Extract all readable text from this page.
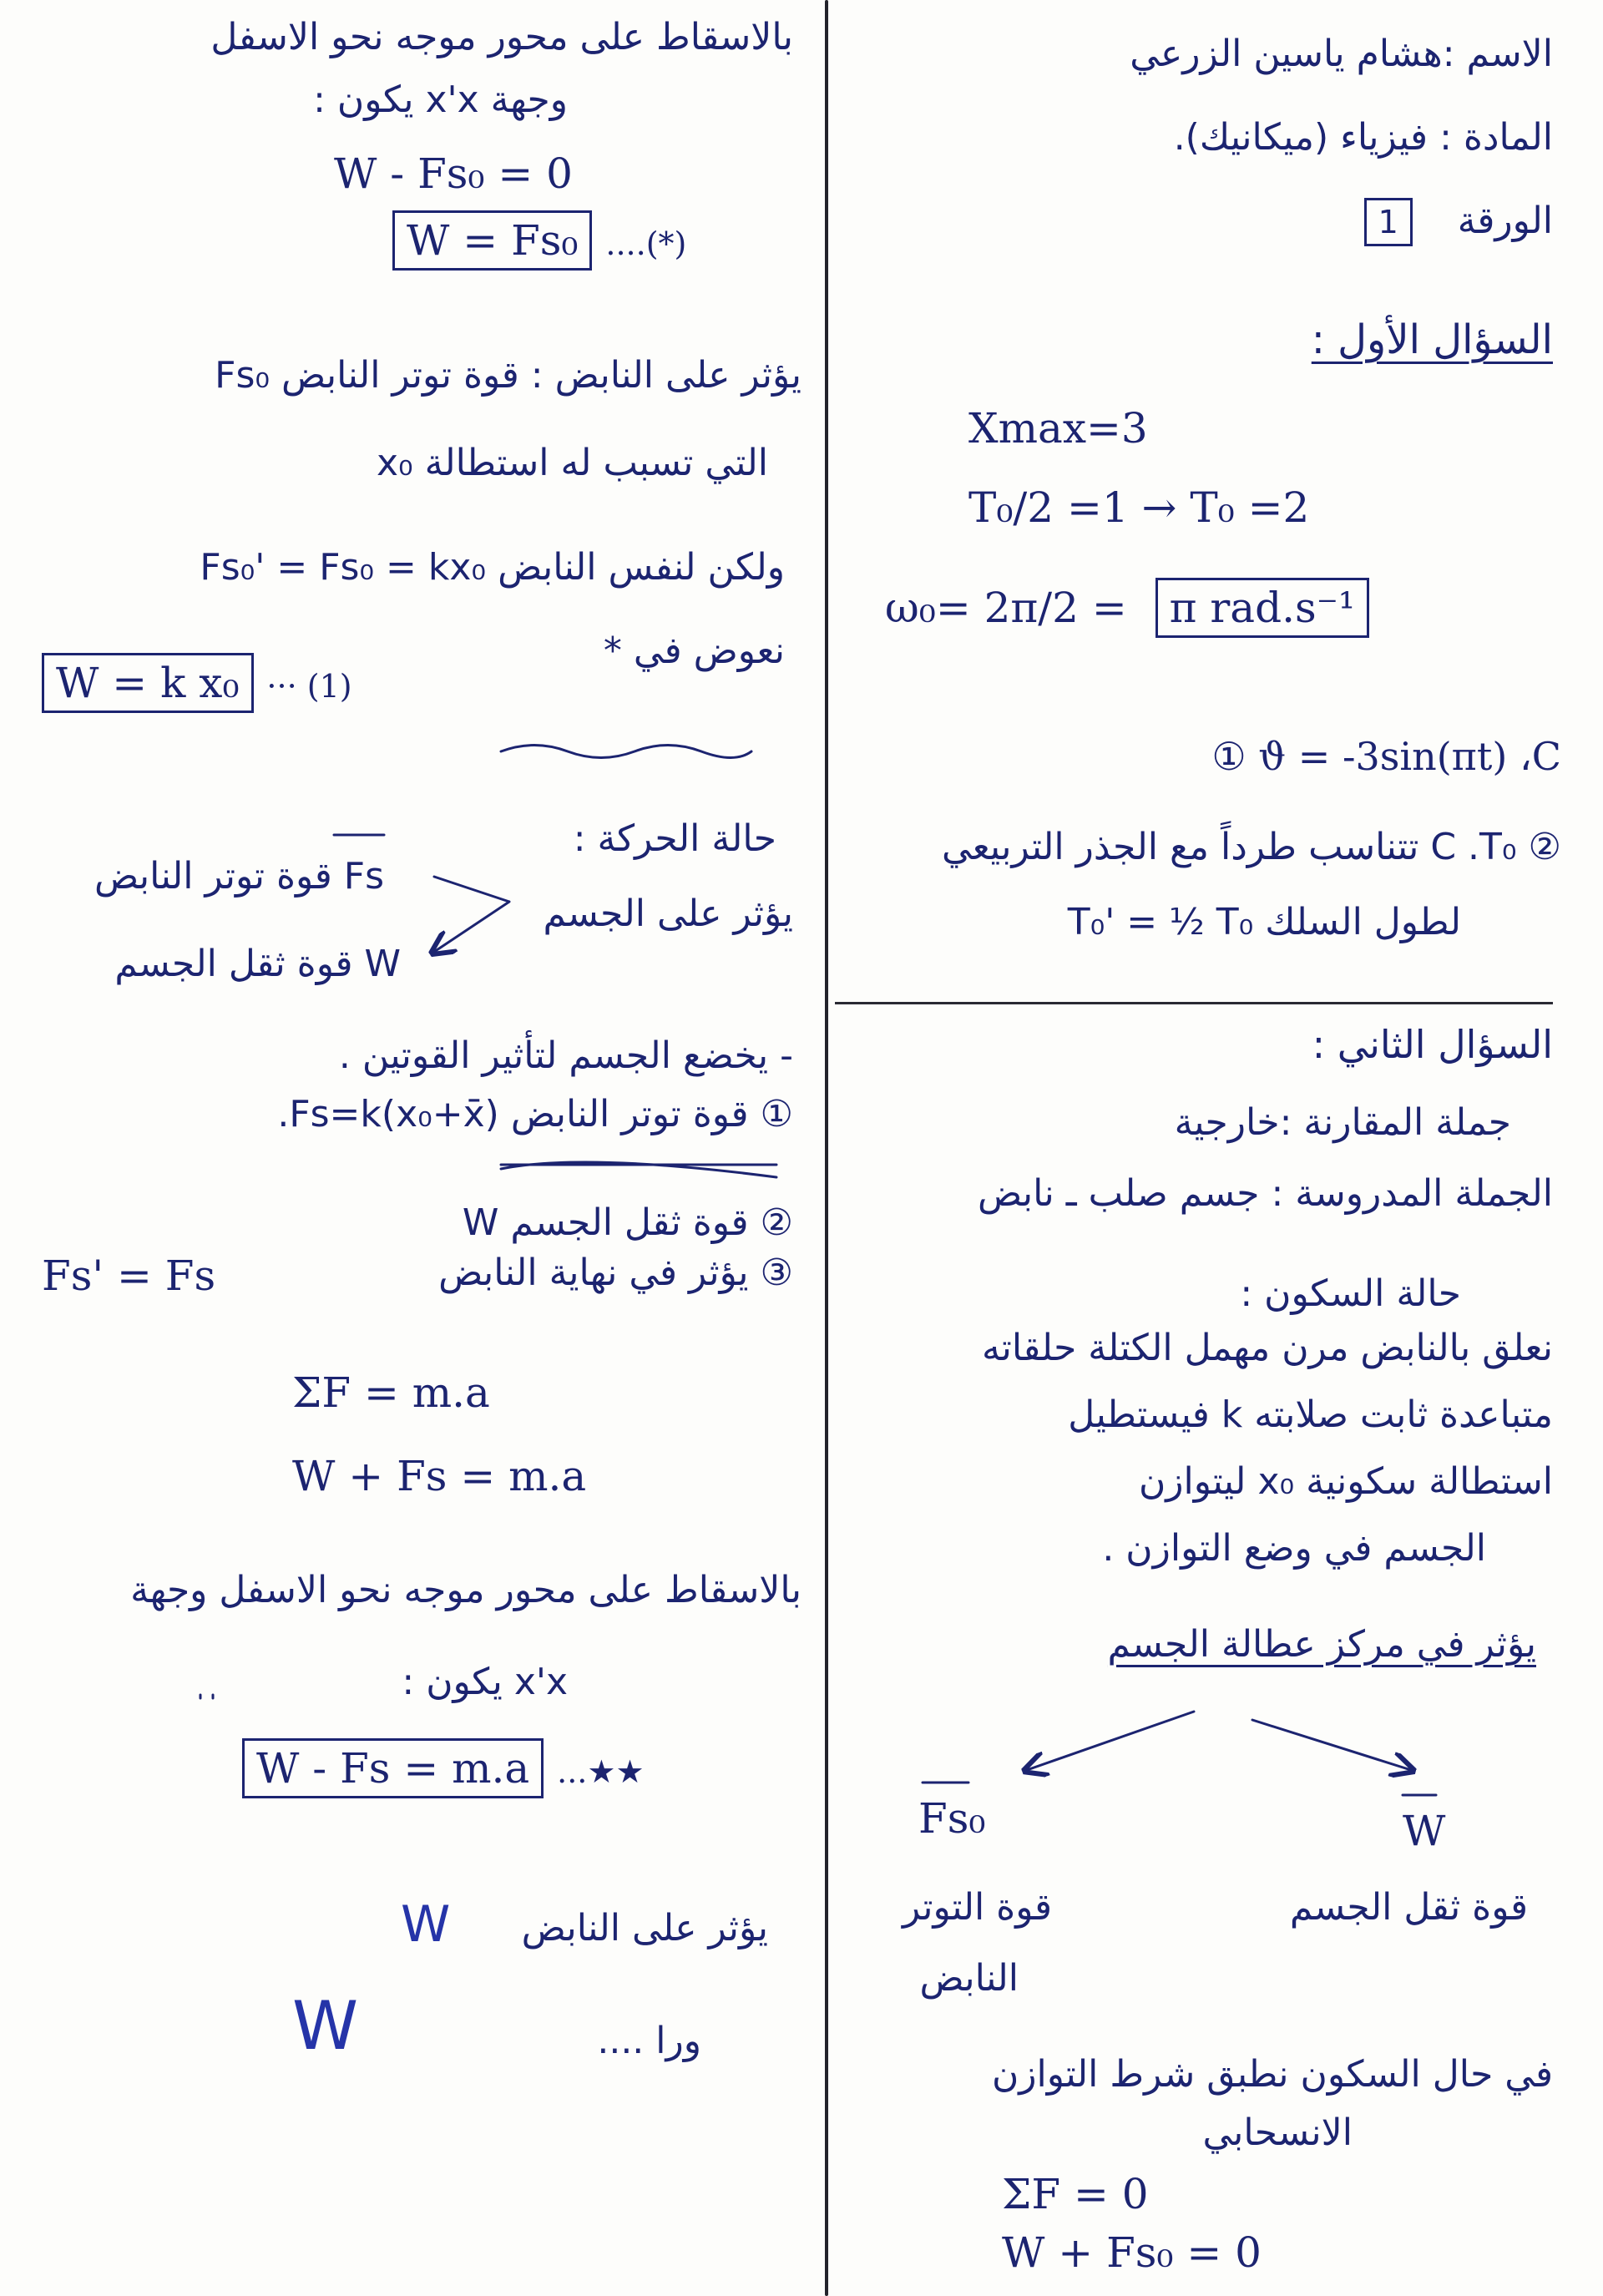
الاسم :هشام ياسين الزرعي
المادة : فيزياء (ميكانيك).
الورقة 1
السؤال الأول :
Xmax=3
T₀/2 =1 → T₀ =2
ω₀= 2π/2 = π rad.s⁻¹
ϑ = -3sin(πt) ،C ①
② C .T₀ تتناسب طرداً مع الجذر التربيعي
لطول السلك T₀' = ½ T₀
السؤال الثاني :
جملة المقارنة :خارجية
الجملة المدروسة : جسم صلب ـ نابض
حالة السكون :
نعلق بالنابض مرن مهمل الكتلة حلقاته
متباعدة ثابت صلابته k فيستطيل
استطالة سكونية x₀ ليتوازن
الجسم في وضع التوازن .
يؤثر في مركز عطالة الجسم
Fs₀	W
قوة التوتر
النابض
قوة ثقل الجسم
في حال السكون نطبق شرط التوازن
الانسحابي
ΣF = 0
W + Fs₀ = 0
بالاسقاط على محور موجه نحو الاسفل
وجهة x'x يكون :
W - Fs₀ = 0
W = Fs₀ ....(*)
يؤثر على النابض : قوة توتر النابض Fs₀
التي تسبب له استطالة x₀
ولكن لنفس النابض Fs₀' = Fs₀ = kx₀
نعوض في *
W = k x₀ ··· (1)
حالة الحركة :
يؤثر على الجسم
Fs قوة توتر النابض
W قوة ثقل الجسم
- يخضع الجسم لتأثير القوتين .
① قوة توتر النابض Fs=k(x₀+x̄).
② قوة ثقل الجسم W
③ يؤثر في نهاية النابض
Fs' = Fs
ΣF = m.a
W + Fs = m.a
بالاسقاط على محور موجه نحو الاسفل وجهة
x'x يكون :
W - Fs = m.a ...★★
يؤثر على النابض
ورا ....
W
W
